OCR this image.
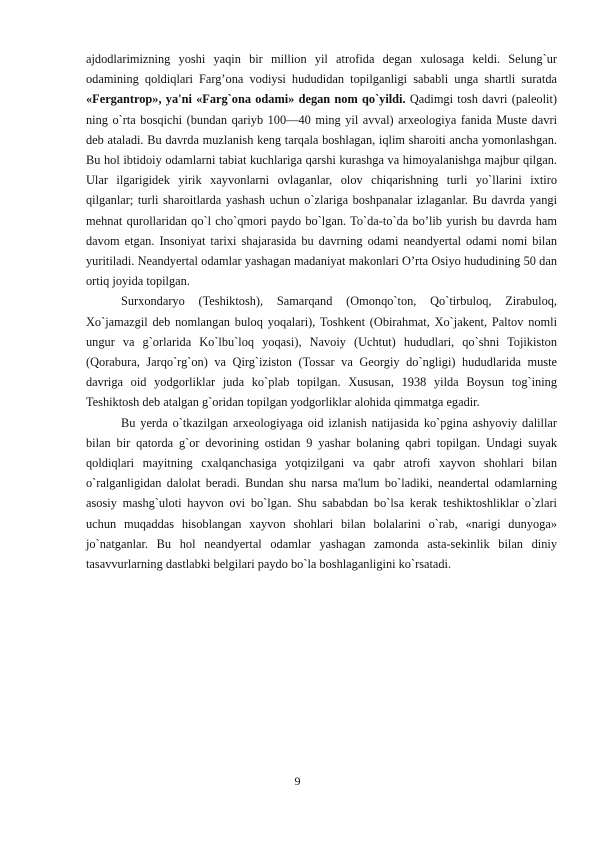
ajdodlarimizning yoshi yaqin bir million yil atrofida degan xulosaga keldi. Selung`ur odamining qoldiqlari Farg’ona vodiysi hududidan topilganligi sababli unga shartli suratda «Fergantrop», ya'ni «Farg`ona odami» degan nom qo`yildi. Qadimgi tosh davri (paleolit) ning o`rta bosqichi (bundan qariyb 100—40 ming yil avval) arxeologiya fanida Muste davri deb ataladi. Bu davrda muzlanish keng tarqala boshlagan, iqlim sharoiti ancha yomonlashgan. Bu hol ibtidoiy odamlarni tabiat kuchlariga qarshi kurashga va himoyalanishga majbur qilgan. Ular ilgarigidek yirik xayvonlarni ovlaganlar, olov chiqarishning turli yo`llarini ixtiro qilganlar; turli sharoitlarda yashash uchun o`zlariga boshpanalar izlaganlar. Bu davrda yangi mehnat qurollaridan qo`l cho`qmori paydo bo`lgan. To`da-to`da bo’lib yurish bu davrda ham davom etgan. Insoniyat tarixi shajarasida bu davrning odami neandyertal odami nomi bilan yuritiladi. Neandyertal odamlar yashagan madaniyat makonlari O’rta Osiyo hududining 50 dan ortiq joyida topilgan.

Surxondaryo (Teshiktosh), Samarqand (Omonqo`ton, Qo`tirbuloq, Zirabuloq, Xo`jamazgil deb nomlangan buloq yoqalari), Toshkent (Obirahmat, Xo`jakent, Paltov nomli ungur va g`orlarida Ko`lbu`loq yoqasi), Navoiy (Uchtut) hududlari, qo`shni Tojikiston (Qorabura, Jarqo`rg`on) va Qirg`iziston (Tossar va Georgiy do`ngligi) hududlarida muste davriga oid yodgorliklar juda ko`plab topilgan. Xususan, 1938 yilda Boysun tog`ining Teshiktosh deb atalgan g`oridan topilgan yodgorliklar alohida qimmatga egadir.

Bu yerda o`tkazilgan arxeologiyaga oid izlanish natijasida ko`pgina ashyoviy dalillar bilan bir qatorda g`or devorining ostidan 9 yashar bolaning qabri topilgan. Undagi suyak qoldiqlari mayitning cxalqanchasiga yotqizilgani va qabr atrofi xayvon shohlari bilan o`ralganligidan dalolat beradi. Bundan shu narsa ma'lum bo`ladiki, neandertal odamlarning asosiy mashg`uloti hayvon ovi bo`lgan. Shu sababdan bo`lsa kerak teshiktoshliklar o`zlari uchun muqaddas hisoblangan xayvon shohlari bilan bolalarini o`rab, «narigi dunyoga» jo`natganlar. Bu hol neandyertal odamlar yashagan zamonda asta-sekinlik bilan diniy tasavvurlarning dastlabki belgilari paydo bo`la boshlaganligini ko`rsatadi.

9
